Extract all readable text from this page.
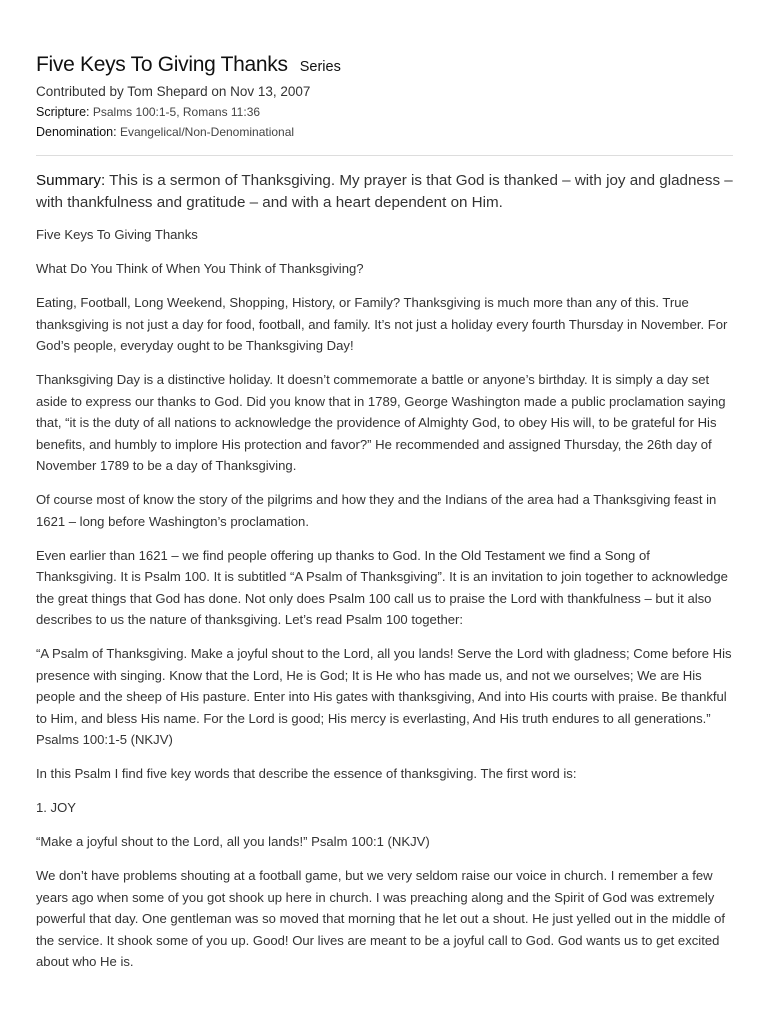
Five Keys To Giving Thanks Series
Contributed by Tom Shepard on Nov 13, 2007
Scripture: Psalms 100:1-5, Romans 11:36
Denomination: Evangelical/Non-Denominational
Summary: This is a sermon of Thanksgiving. My prayer is that God is thanked – with joy and gladness – with thankfulness and gratitude – and with a heart dependent on Him.

Five Keys To Giving Thanks

What Do You Think of When You Think of Thanksgiving?

Eating, Football, Long Weekend, Shopping, History, or Family? Thanksgiving is much more than any of this. True thanksgiving is not just a day for food, football, and family. It’s not just a holiday every fourth Thursday in November. For God’s people, everyday ought to be Thanksgiving Day!

Thanksgiving Day is a distinctive holiday. It doesn’t commemorate a battle or anyone’s birthday. It is simply a day set aside to express our thanks to God. Did you know that in 1789, George Washington made a public proclamation saying that, “it is the duty of all nations to acknowledge the providence of Almighty God, to obey His will, to be grateful for His benefits, and humbly to implore His protection and favor?” He recommended and assigned Thursday, the 26th day of November 1789 to be a day of Thanksgiving.

Of course most of know the story of the pilgrims and how they and the Indians of the area had a Thanksgiving feast in 1621 – long before Washington’s proclamation.

Even earlier than 1621 – we find people offering up thanks to God. In the Old Testament we find a Song of Thanksgiving. It is Psalm 100. It is subtitled “A Psalm of Thanksgiving”. It is an invitation to join together to acknowledge the great things that God has done. Not only does Psalm 100 call us to praise the Lord with thankfulness – but it also describes to us the nature of thanksgiving. Let’s read Psalm 100 together:

“A Psalm of Thanksgiving. Make a joyful shout to the Lord, all you lands! Serve the Lord with gladness; Come before His presence with singing. Know that the Lord, He is God; It is He who has made us, and not we ourselves; We are His people and the sheep of His pasture. Enter into His gates with thanksgiving, And into His courts with praise. Be thankful to Him, and bless His name. For the Lord is good; His mercy is everlasting, And His truth endures to all generations.” Psalms 100:1-5 (NKJV)

In this Psalm I find five key words that describe the essence of thanksgiving. The first word is:

1. JOY

“Make a joyful shout to the Lord, all you lands!” Psalm 100:1 (NKJV)

We don’t have problems shouting at a football game, but we very seldom raise our voice in church. I remember a few years ago when some of you got shook up here in church. I was preaching along and the Spirit of God was extremely powerful that day. One gentleman was so moved that morning that he let out a shout. He just yelled out in the middle of the service. It shook some of you up. Good! Our lives are meant to be a joyful call to God. God wants us to get excited about who He is.
